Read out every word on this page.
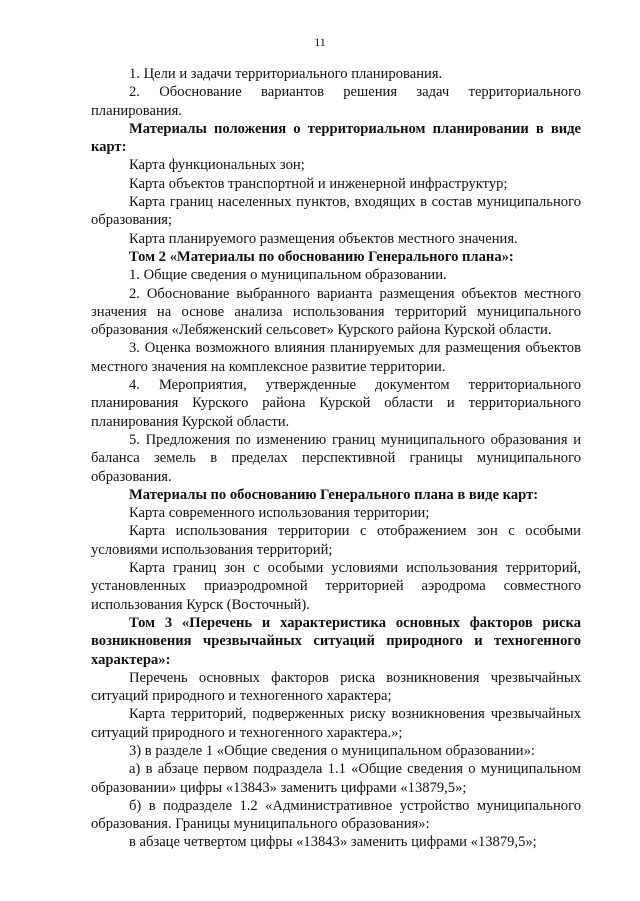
11

1. Цели и задачи территориального планирования.

2. Обоснование вариантов решения задач территориального планирования.

Материалы положения о территориальном планировании в виде карт:

Карта функциональных зон;

Карта объектов транспортной и инженерной инфраструктур;

Карта границ населенных пунктов, входящих в состав муниципального образования;

Карта планируемого размещения объектов местного значения.

Том 2 «Материалы по обоснованию Генерального плана»:

1. Общие сведения о муниципальном образовании.

2. Обоснование выбранного варианта размещения объектов местного значения на основе анализа использования территорий муниципального образования «Лебяженский сельсовет» Курского района Курской области.

3. Оценка возможного влияния планируемых для размещения объектов местного значения на комплексное развитие территории.

4. Мероприятия, утвержденные документом территориального планирования Курского района Курской области и территориального планирования Курской области.

5. Предложения по изменению границ муниципального образования и баланса земель в пределах перспективной границы муниципального образования.

Материалы по обоснованию Генерального плана в виде карт:

Карта современного использования территории;

Карта использования территории с отображением зон с особыми условиями использования территорий;

Карта границ зон с особыми условиями использования территорий, установленных приаэродромной территорией аэродрома совместного использования Курск (Восточный).

Том 3 «Перечень и характеристика основных факторов риска возникновения чрезвычайных ситуаций природного и техногенного характера»:

Перечень основных факторов риска возникновения чрезвычайных ситуаций природного и техногенного характера;

Карта территорий, подверженных риску возникновения чрезвычайных ситуаций природного и техногенного характера.»;

3) в разделе 1 «Общие сведения о муниципальном образовании»:

а) в абзаце первом подраздела 1.1 «Общие сведения о муниципальном образовании» цифры «13843» заменить цифрами «13879,5»;

б) в подразделе 1.2 «Административное устройство муниципального образования. Границы муниципального образования»:

в абзаце четвертом цифры «13843» заменить цифрами «13879,5»;
